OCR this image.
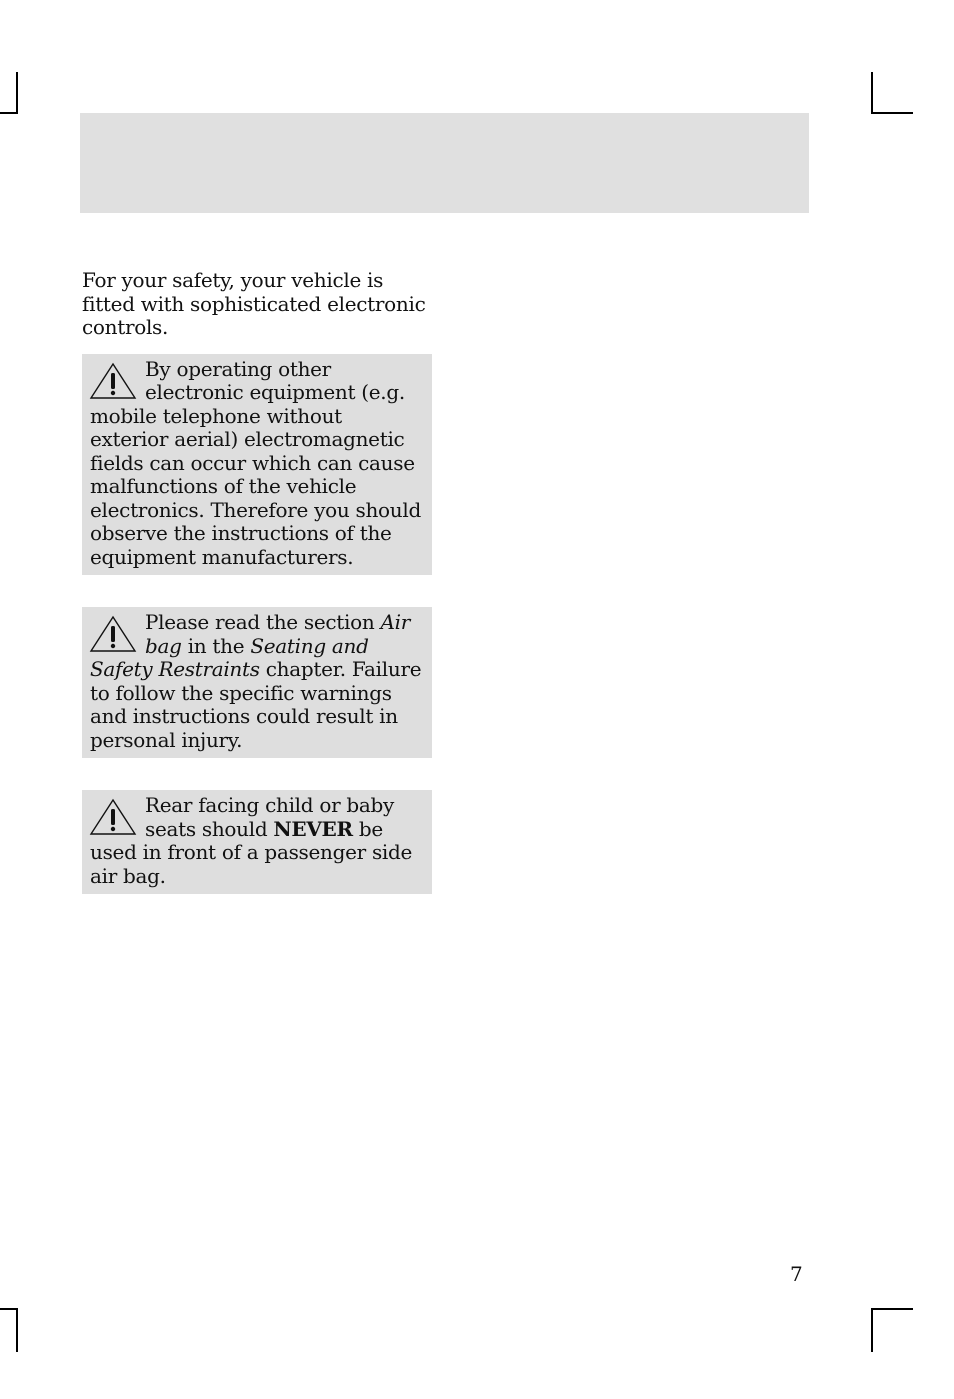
For your safety, your vehicle is fitted with sophisticated electronic controls.

By operating other electronic equipment (e.g. mobile telephone without exterior aerial) electromagnetic fields can occur which can cause malfunctions of the vehicle electronics. Therefore you should observe the instructions of the equipment manufacturers.

Please read the section Air bag in the Seating and Safety Restraints chapter. Failure to follow the specific warnings and instructions could result in personal injury.

Rear facing child or baby seats should NEVER be used in front of a passenger side air bag.

7
